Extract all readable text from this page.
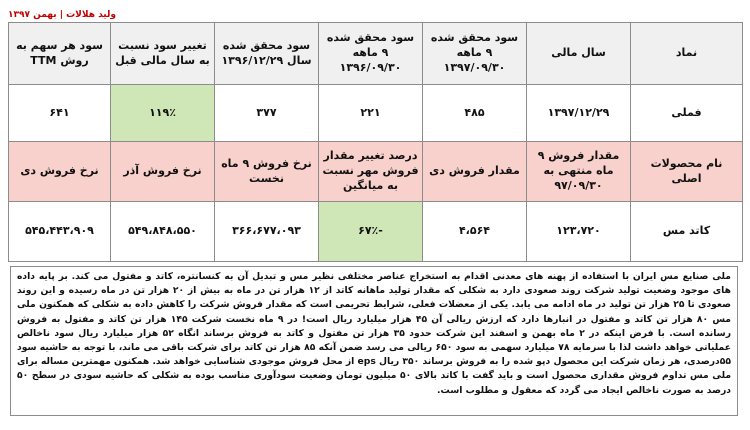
ولید هلالات | بهمن ۱۳۹۷
نماد	سال مالی	سود محقق شده ۹ ماهه ۱۳۹۷/۰۹/۳۰	سود محقق شده ۹ ماهه ۱۳۹۶/۰۹/۳۰	سود محقق شده سال ۱۳۹۶/۱۲/۲۹	تغییر سود نسبت به سال مالی قبل	سود هر سهم به روش TTM
فملی	۱۳۹۷/۱۲/۲۹	۴۸۵	۲۲۱	۳۷۷	۱۱۹٪	۶۴۱
نام محصولات اصلی	مقدار فروش ۹ ماه منتهی به ۹۷/۰۹/۳۰	مقدار فروش دی	درصد تغییر مقدار فروش مهر نسبت به میانگین	نرخ فروش ۹ ماه نخست	نرخ فروش آذر	نرخ فروش دی
کاتد مس	۱۲۳،۷۲۰	۴،۵۶۴	-۶۷٪	۳۶۶،۶۷۷،۰۹۳	۵۴۹،۸۴۸،۵۵۰	۵۴۵،۴۴۳،۹۰۹
ملی صنایع مس ایران با استفاده از پهنه های معدنی اقدام به استخراج عناصر مختلفی نظیر مس و تبدیل آن به کنسانتره، کاتد و مفتول می کند. بر پایه داده های موجود وضعیت تولید شرکت روند صعودی دارد به شکلی که مقدار تولید ماهانه کاتد از ۱۲ هزار تن در ماه به بیش از ۲۰ هزار تن در ماه رسیده و این روند صعودی تا ۲۵ هزار تن تولید در ماه ادامه می یابد. یکی از معضلات فعلی، شرایط تحریمی است که مقدار فروش شرکت را کاهش داده به شکلی که همکنون ملی مس ۸۰ هزار تن کاتد و مفتول در انبارها دارد که ارزش ریالی آن ۴۵ هزار میلیارد ریال است! در ۹ ماه نخست شرکت ۱۴۵ هزار تن کاتد و مفتول به فروش رسانده است. با فرض اینکه در ۲ ماه بهمن و اسفند این شرکت حدود ۳۵ هزار تن مفتول و کاتد به فروش برساند انگاه ۵۲ هزار میلیارد ریال سود ناخالص عملیاتی خواهد داشت لذا با سرمایه ۷۸ میلیارد سهمی به سود ۶۵۰ ریالی می رسد ضمن آنکه ۸۵ هزار تن کاتد برای شرکت باقی می ماند، با توجه به حاشیه سود ۵۵درصدی، هر زمان شرکت این محصول دپو شده را به فروش برساند ۳۵۰ ریال eps از محل فروش موجودی شناسایی خواهد شد. همکنون مهمترین مساله برای ملی مس تداوم فروش مقداری محصول است و باید گفت با کاتد بالای ۵۰ میلیون تومان وضعیت سودآوری مناسب بوده به شکلی که حاشیه سودی در سطح ۵۰ درصد به صورت ناخالص ایجاد می گردد که معقول و مطلوب است.
